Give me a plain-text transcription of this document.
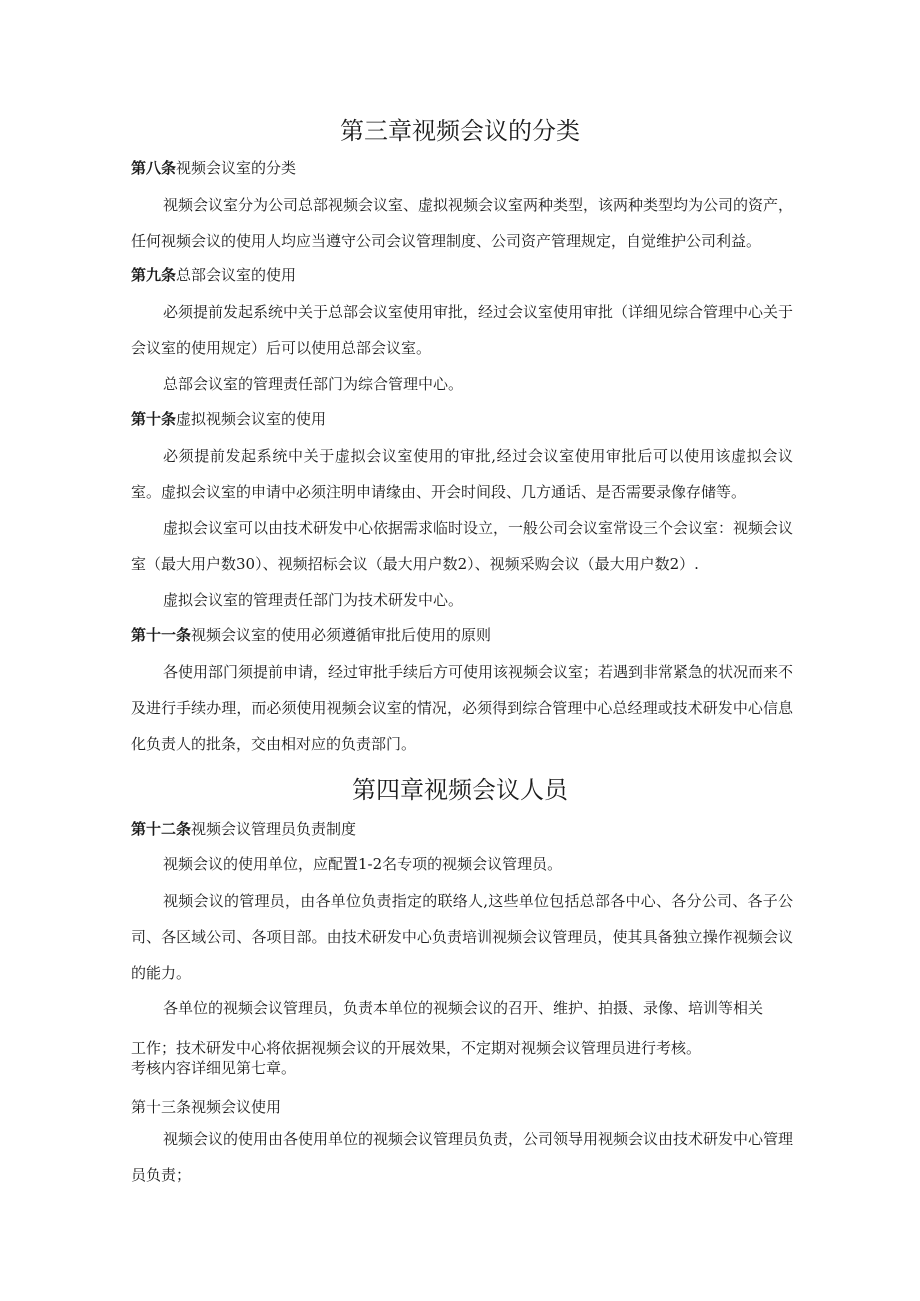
第三章视频会议的分类
第八条视频会议室的分类
视频会议室分为公司总部视频会议室、虚拟视频会议室两种类型，该两种类型均为公司的资产，任何视频会议的使用人均应当遵守公司会议管理制度、公司资产管理规定，自觉维护公司利益。
第九条总部会议室的使用
必须提前发起系统中关于总部会议室使用审批，经过会议室使用审批（详细见综合管理中心关于会议室的使用规定）后可以使用总部会议室。
总部会议室的管理责任部门为综合管理中心。
第十条虚拟视频会议室的使用
必须提前发起系统中关于虚拟会议室使用的审批,经过会议室使用审批后可以使用该虚拟会议室。虚拟会议室的申请中必须注明申请缘由、开会时间段、几方通话、是否需要录像存储等。
虚拟会议室可以由技术研发中心依据需求临时设立，一般公司会议室常设三个会议室：视频会议室（最大用户数30）、视频招标会议（最大用户数2）、视频采购会议（最大用户数2）.
虚拟会议室的管理责任部门为技术研发中心。
第十一条视频会议室的使用必须遵循审批后使用的原则
各使用部门须提前申请，经过审批手续后方可使用该视频会议室；若遇到非常紧急的状况而来不及进行手续办理，而必须使用视频会议室的情况，必须得到综合管理中心总经理或技术研发中心信息化负责人的批条，交由相对应的负责部门。
第四章视频会议人员
第十二条视频会议管理员负责制度
视频会议的使用单位，应配置1-2名专项的视频会议管理员。
视频会议的管理员，由各单位负责指定的联络人,这些单位包括总部各中心、各分公司、各子公司、各区域公司、各项目部。由技术研发中心负责培训视频会议管理员，使其具备独立操作视频会议的能力。
各单位的视频会议管理员，负责本单位的视频会议的召开、维护、拍摄、录像、培训等相关
工作；技术研发中心将依据视频会议的开展效果，不定期对视频会议管理员进行考核。
考核内容详细见第七章。
第十三条视频会议使用
视频会议的使用由各使用单位的视频会议管理员负责，公司领导用视频会议由技术研发中心管理员负责；
